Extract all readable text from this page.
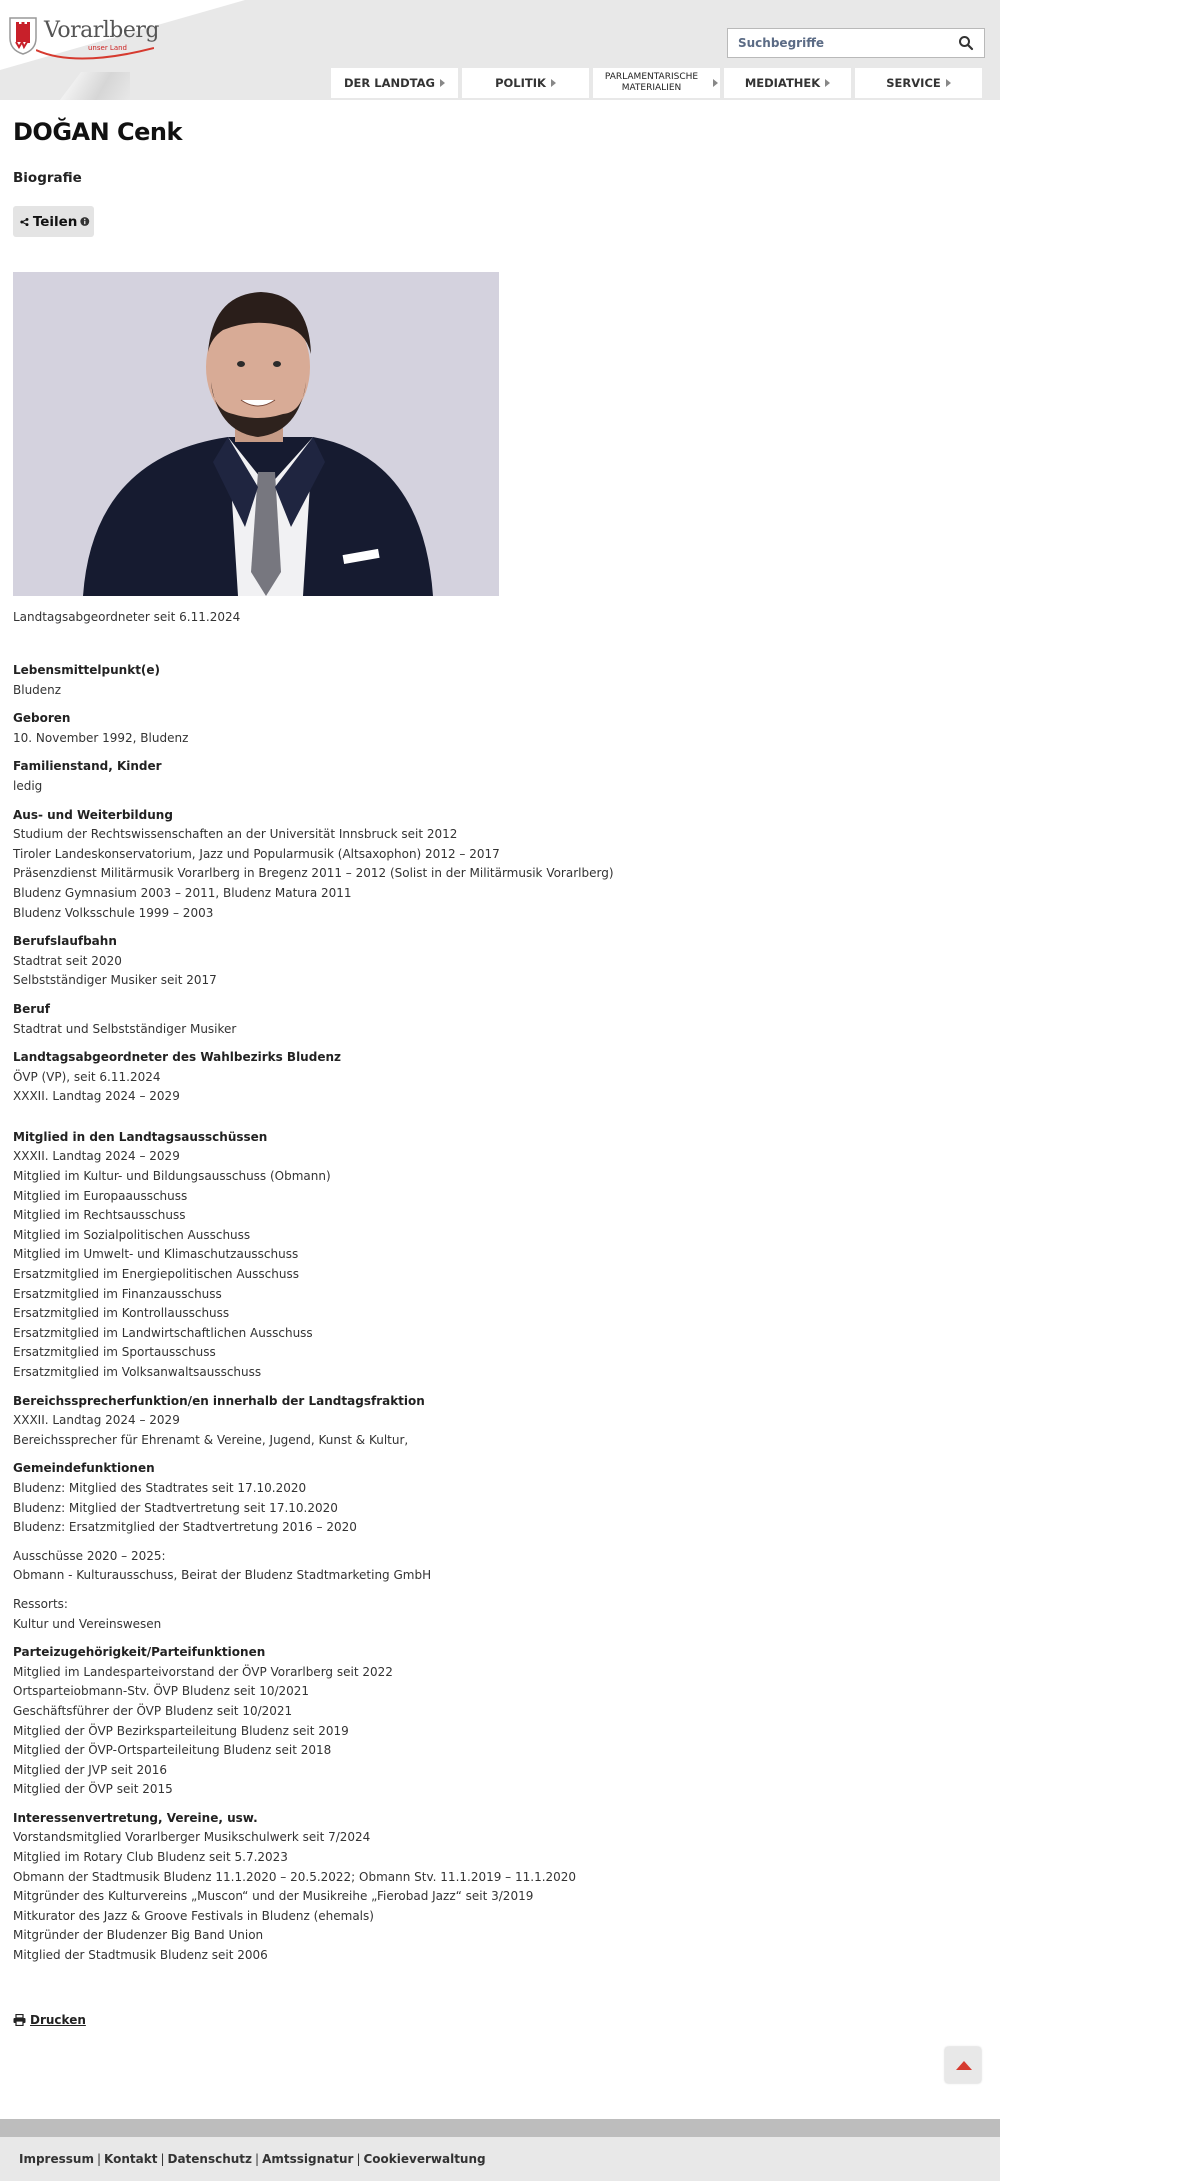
Vorarlberg
unser Land
Suchbegriffe
DER LANDTAG	POLITIK	PARLAMENTARISCHE
MATERIALIEN	MEDIATHEK	SERVICE
DOĞAN Cenk
Biografie
Teilen
Landtagsabgeordneter seit 6.11.2024
Lebensmittelpunkt(e)
Bludenz
Geboren
10. November 1992, Bludenz
Familienstand, Kinder
ledig
Aus- und Weiterbildung
Studium der Rechtswissenschaften an der Universität Innsbruck seit 2012
Tiroler Landeskonservatorium, Jazz und Popularmusik (Altsaxophon) 2012 – 2017
Präsenzdienst Militärmusik Vorarlberg in Bregenz 2011 – 2012 (Solist in der Militärmusik Vorarlberg)
Bludenz Gymnasium 2003 – 2011, Bludenz Matura 2011
Bludenz Volksschule 1999 – 2003
Berufslaufbahn
Stadtrat seit 2020
Selbstständiger Musiker seit 2017
Beruf
Stadtrat und Selbstständiger Musiker
Landtagsabgeordneter des Wahlbezirks Bludenz
ÖVP (VP), seit 6.11.2024
XXXII. Landtag 2024 – 2029
Mitglied in den Landtagsausschüssen
XXXII. Landtag 2024 – 2029
Mitglied im Kultur- und Bildungsausschuss (Obmann)
Mitglied im Europaausschuss
Mitglied im Rechtsausschuss
Mitglied im Sozialpolitischen Ausschuss
Mitglied im Umwelt- und Klimaschutzausschuss
Ersatzmitglied im Energiepolitischen Ausschuss
Ersatzmitglied im Finanzausschuss
Ersatzmitglied im Kontrollausschuss
Ersatzmitglied im Landwirtschaftlichen Ausschuss
Ersatzmitglied im Sportausschuss
Ersatzmitglied im Volksanwaltsausschuss
Bereichssprecherfunktion/en innerhalb der Landtagsfraktion
XXXII. Landtag 2024 – 2029
Bereichssprecher für Ehrenamt & Vereine, Jugend, Kunst & Kultur,
Gemeindefunktionen
Bludenz: Mitglied des Stadtrates seit 17.10.2020
Bludenz: Mitglied der Stadtvertretung seit 17.10.2020
Bludenz: Ersatzmitglied der Stadtvertretung 2016 – 2020
Ausschüsse 2020 – 2025:
Obmann - Kulturausschuss, Beirat der Bludenz Stadtmarketing GmbH
Ressorts:
Kultur und Vereinswesen
Parteizugehörigkeit/Parteifunktionen
Mitglied im Landesparteivorstand der ÖVP Vorarlberg seit 2022
Ortsparteiobmann-Stv. ÖVP Bludenz seit 10/2021
Geschäftsführer der ÖVP Bludenz seit 10/2021
Mitglied der ÖVP Bezirksparteileitung Bludenz seit 2019
Mitglied der ÖVP-Ortsparteileitung Bludenz seit 2018
Mitglied der JVP seit 2016
Mitglied der ÖVP seit 2015
Interessenvertretung, Vereine, usw.
Vorstandsmitglied Vorarlberger Musikschulwerk seit 7/2024
Mitglied im Rotary Club Bludenz seit 5.7.2023
Obmann der Stadtmusik Bludenz 11.1.2020 – 20.5.2022; Obmann Stv. 11.1.2019 – 11.1.2020
Mitgründer des Kulturvereins „Muscon“ und der Musikreihe „Fierobad Jazz“ seit 3/2019
Mitkurator des Jazz & Groove Festivals in Bludenz (ehemals)
Mitgründer der Bludenzer Big Band Union
Mitglied der Stadtmusik Bludenz seit 2006
Drucken
Impressum | Kontakt | Datenschutz | Amtssignatur | Cookieverwaltung
